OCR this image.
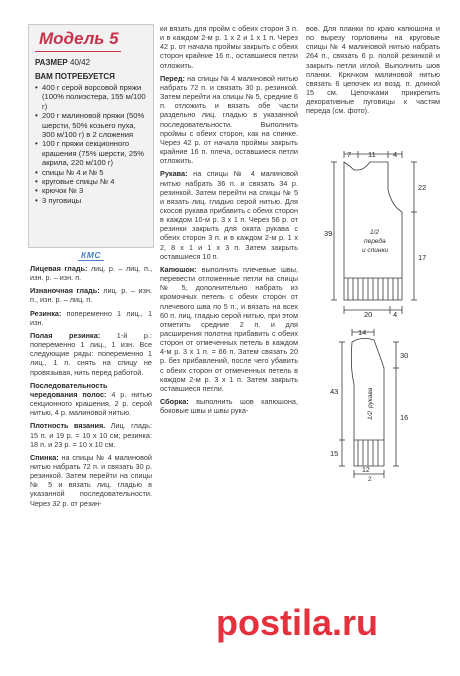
Модель 5
РАЗМЕР 40/42
ВАМ ПОТРЕБУЕТСЯ
• 400 г серой ворсовой пряжи (100% полиэстера, 155 м/100 г)
• 200 г малиновой пряжи (50% шерсти, 50% козьего пуха, 300 м/100 г) в 2 сложения
• 100 г пряжи секционного крашения (75% шерсти, 25% акрила, 220 м/100 г)
• спицы № 4 и № 5
• круговые спицы № 4
• крючок № 3
• 3 пуговицы
КМС

Лицевая гладь: лиц. р. – лиц. п., изн. р. – изн. п.

Изнаночная гладь: лиц. р. – изн. п., изн. р. – лиц. п.

Резинка: попеременно 1 лиц., 1 изн.

Полая резинка: 1-й р.: попеременно 1 лиц., 1 изн. Все следующие ряды: попеременно 1 лиц., 1 п. снять на спицу не провязывая, нить перед работой.

Последовательность чередования полос: 4 р. нитью секционного крашения, 2 р. серой нитью, 4 р. малиновой нитью.

Плотность вязания. Лиц. гладь: 15 п. и 19 р. = 10 х 10 см; резинка: 18 п. и 23 р. = 10 х 10 см.

Спинка: на спицы № 4 малиновой нитью набрать 72 п. и связать 30 р. резинкой. Затем перейти на спицы № 5 и вязать лиц. гладью в указанной последовательности. Через 32 р. от резин-

ки вязать для пройм с обеих сторон 3 п. и в каждом 2-м р. 1 х 2 и 1 х 1 п. Через 42 р. от начала проймы закрыть с обеих сторон крайние 16 п., оставшиеся петли отложить.

Перед: на спицы № 4 малиновой нитью набрать 72 п. и связать 30 р. резинкой. Затем перейти на спицы № 5, средние 6 п. отложить и вязать обе части раздельно лиц. гладью в указанной последовательности. Выполнить проймы с обеих сторон, как на спинке. Через 42 р. от начала проймы закрыть крайние 16 п. плеча, оставшиеся петли отложить.

Рукава: на спицы № 4 малиновой нитью набрать 36 п. и связать 34 р. резинкой. Затем перейти на спицы № 5 и вязать лиц. гладью серой нитью. Для скосов рукава прибавить с обеих сторон в каждом 10-м р. 3 х 1 п. Через 56 р. от резинки закрыть для оката рукава с обеих сторон 3 п. и в каждом 2-м р. 1 х 2, 8 х 1 и 1 х 3 п. Затем закрыть оставшиеся 10 п.

Капюшон: выполнить плечевые швы, перевести отложенные петли на спицы № 5, дополнительно набрать из кромочных петель с обеих сторон от плечевого шва по 5 п., и вязать на всех 60 п. лиц. гладью серой нитью, при этом отметить средние 2 п. и для расширения полотна прибавить с обеих сторон от отмеченных петель в каждом 4-м р. 3 х 1 п. = 66 п. Затем связать 20 р. без прибавлений, после чего убавить с обеих сторон от отмеченных петель в каждом 2-м р. 3 х 1 п. Затем закрыть оставшиеся петли.

Сборка: выполнить шов капюшона, боковые швы и швы рука-

вов. Для планки по краю капюшона и по вырезу горловины на круговые спицы № 4 малиновой нитью набрать 264 п., связать 6 р. полой резинкой и закрыть петли иглой. Выполнить шов планки. Крючком малиновой нитью связать 6 цепочек из возд. п. длиной 15 см. Цепочками прикрепить декоративные пуговицы к частям переда (см. фото).

7 11 4
39
22
17
20	4
1/2
переда
и спинки
14
43
15
30
16
12
2
1/2
рукава
postila.ru
